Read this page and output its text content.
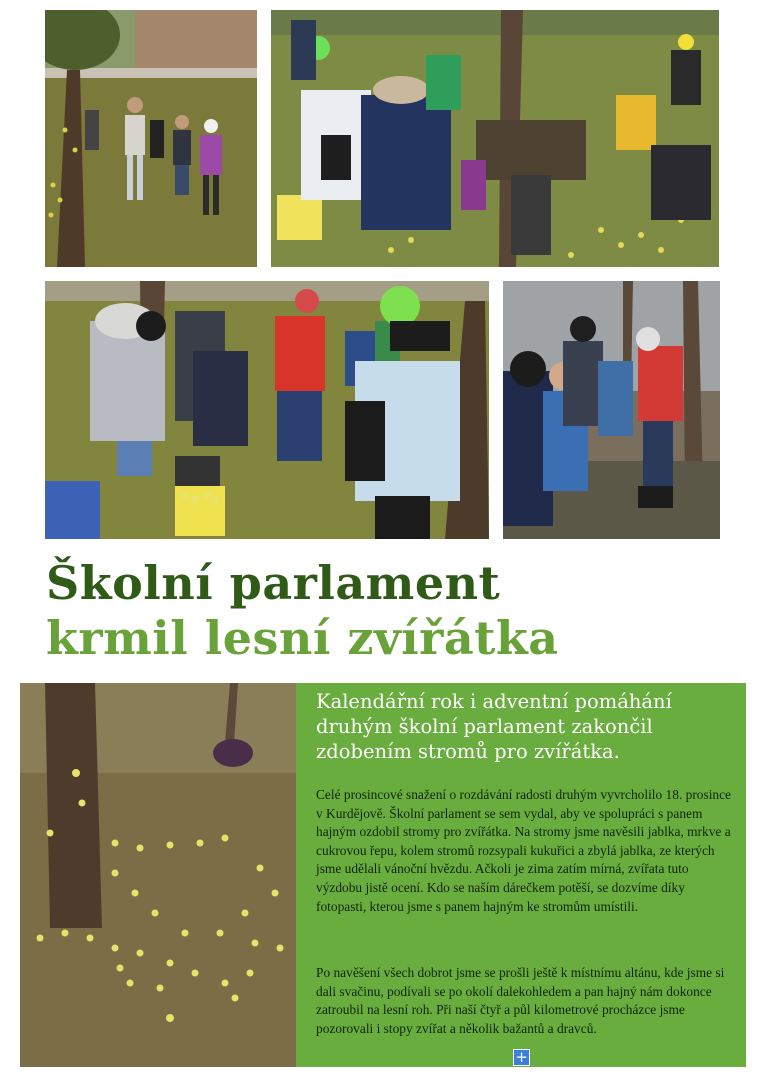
Školní parlament
krmil lesní zvířátka

Kalendářní rok i adventní pomáhání druhým školní parlament zakončil zdobením stromů pro zvířátka.

Celé prosincové snažení o rozdávání radosti druhým vyvrcholilo 18. prosince v Kurdějově. Školní parlament se sem vydal, aby ve spolupráci s panem hajným ozdobil stromy pro zvířátka. Na stromy jsme navěsili jablka, mrkve a cukrovou řepu, kolem stromů rozsypali kukuřici a zbylá jablka, ze kterých jsme udělali vánoční hvězdu. Ačkoli je zima zatím mírná, zvířata tuto výzdobu jistě ocení. Kdo se naším dárečkem potěší, se dozvíme díky fotopasti, kterou jsme s panem hajným ke stromům umístili.

Po navěšení všech dobrot jsme se prošli ještě k místnímu altánu, kde jsme si dali svačinu, podívali se po okolí dalekohledem a pan hajný nám dokonce zatroubil na lesní roh. Při naší čtyř a půl kilometrové procházce jsme pozorovali i stopy zvířat a několik bažantů a dravců.

+
